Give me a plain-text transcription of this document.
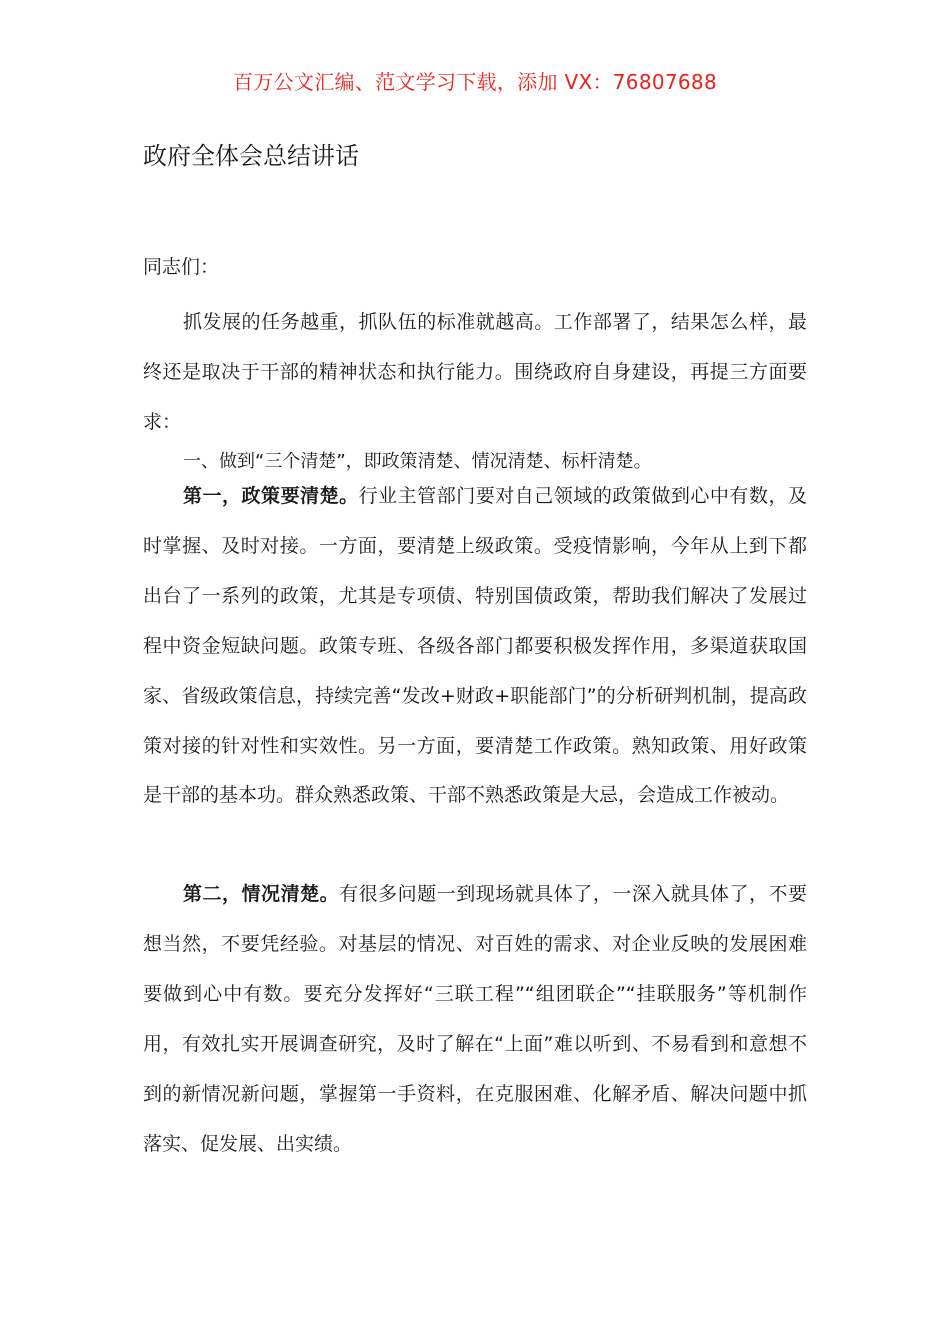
百万公文汇编、范文学习下载，添加 VX：76807688
政府全体会总结讲话
同志们：

抓发展的任务越重，抓队伍的标准就越高。工作部署了，结果怎么样，最终还是取决于干部的精神状态和执行能力。围绕政府自身建设，再提三方面要求：

一、做到“三个清楚”，即政策清楚、情况清楚、标杆清楚。

第一，政策要清楚。行业主管部门要对自己领域的政策做到心中有数，及时掌握、及时对接。一方面，要清楚上级政策。受疫情影响，今年从上到下都出台了一系列的政策，尤其是专项债、特别国债政策，帮助我们解决了发展过程中资金短缺问题。政策专班、各级各部门都要积极发挥作用，多渠道获取国家、省级政策信息，持续完善“发改+财政+职能部门”的分析研判机制，提高政策对接的针对性和实效性。另一方面，要清楚工作政策。熟知政策、用好政策是干部的基本功。群众熟悉政策、干部不熟悉政策是大忌，会造成工作被动。

第二，情况清楚。有很多问题一到现场就具体了，一深入就具体了，不要想当然，不要凭经验。对基层的情况、对百姓的需求、对企业反映的发展困难要做到心中有数。要充分发挥好“三联工程”“组团联企”“挂联服务”等机制作用，有效扎实开展调查研究，及时了解在“上面”难以听到、不易看到和意想不到的新情况新问题，掌握第一手资料，在克服困难、化解矛盾、解决问题中抓落实、促发展、出实绩。
